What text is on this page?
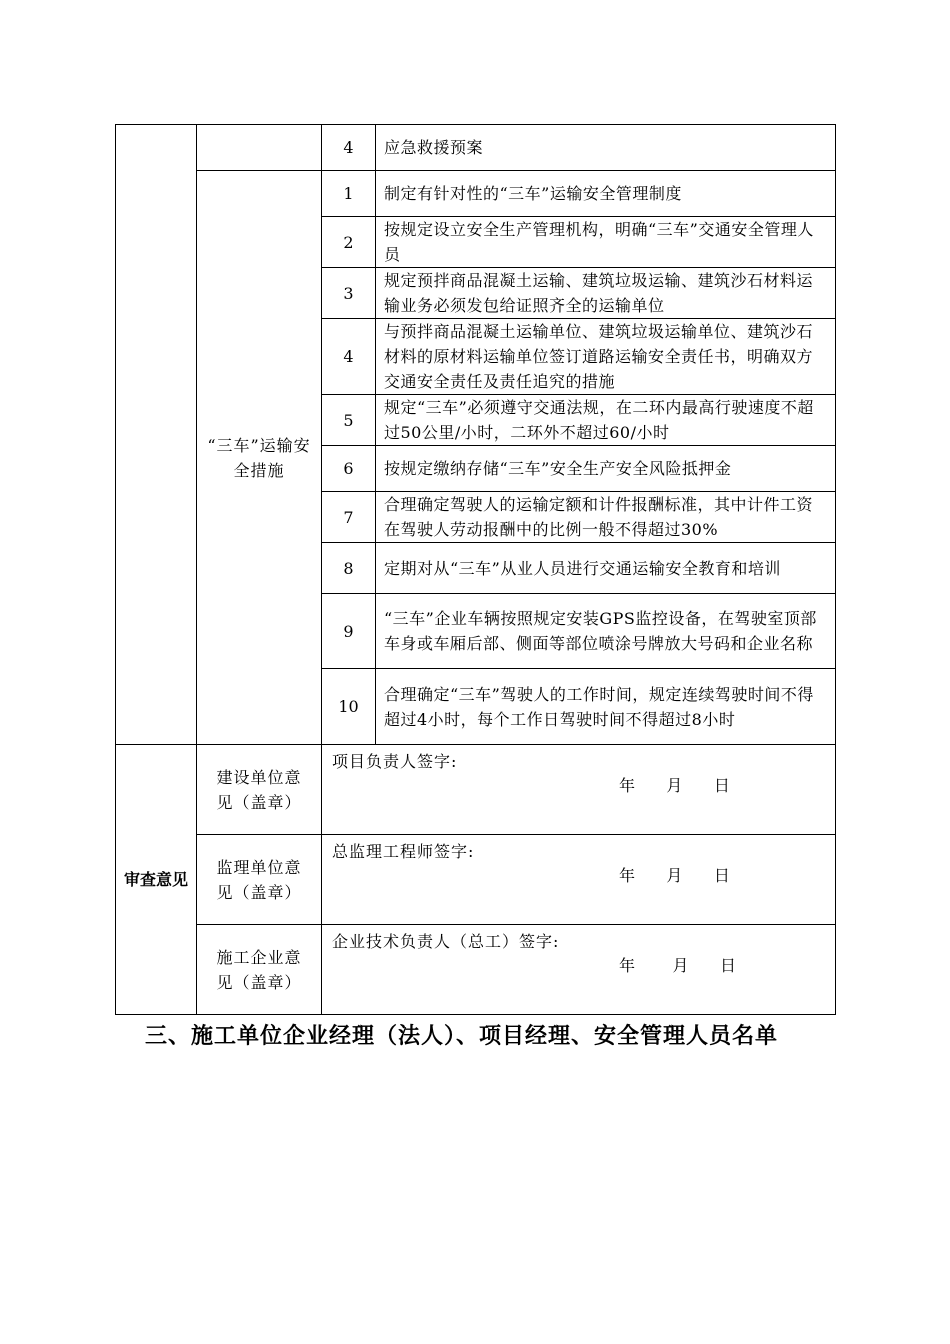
		4	应急救援预案
	“三车”运输安全措施	1	制定有针对性的“三车”运输安全管理制度
		2	按规定设立安全生产管理机构，明确“三车”交通安全管理人员
		3	规定预拌商品混凝土运输、建筑垃圾运输、建筑沙石材料运输业务必须发包给证照齐全的运输单位
		4	与预拌商品混凝土运输单位、建筑垃圾运输单位、建筑沙石材料的原材料运输单位签订道路运输安全责任书，明确双方交通安全责任及责任追究的措施
		5	规定“三车”必须遵守交通法规，在二环内最高行驶速度不超过50公里/小时，二环外不超过60/小时
		6	按规定缴纳存储“三车”安全生产安全风险抵押金
		7	合理确定驾驶人的运输定额和计件报酬标准，其中计件工资在驾驶人劳动报酬中的比例一般不得超过30%
		8	定期对从“三车”从业人员进行交通运输安全教育和培训
		9	“三车”企业车辆按照规定安装GPS监控设备，在驾驶室顶部车身或车厢后部、侧面等部位喷涂号牌放大号码和企业名称
		10	合理确定“三车”驾驶人的工作时间，规定连续驾驶时间不得超过4小时，每个工作日驾驶时间不得超过8小时
审查意见	建设单位意见（盖章）	项目负责人签字:
年     月     日	

	监理单位意见（盖章）	总监理工程师签字:
年     月     日	

	施工企业意见（盖章）	企业技术负责人（总工）签字:
年      月     日	
三、施工单位企业经理（法人）、项目经理、安全管理人员名单
